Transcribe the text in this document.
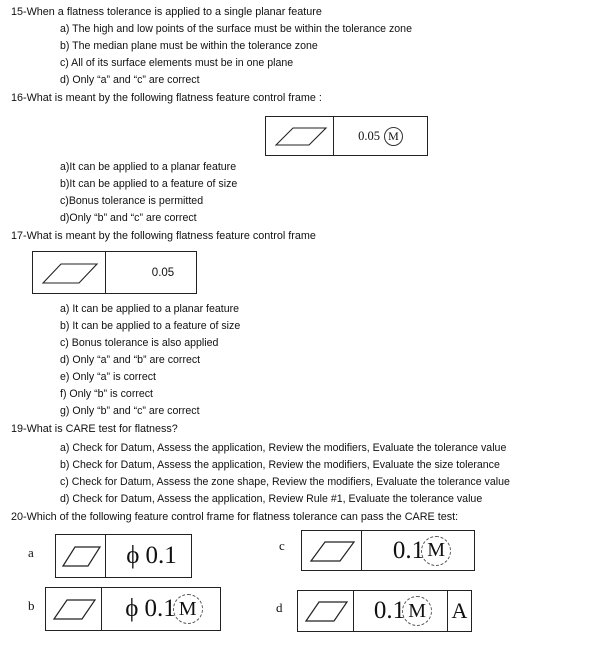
15-When a flatness tolerance is applied to a single planar feature
a) The high and low points of the surface must be within the tolerance zone
b) The median plane must be within the tolerance zone
c) All of its surface elements must be in one plane
d) Only “a” and “c” are correct
16-What is meant by the following flatness feature control frame :
0.05 M
a)It can be applied to a planar feature
b)It can be applied to a feature of size
c)Bonus tolerance is permitted
d)Only “b” and “c” are correct
17-What is meant by the following flatness feature control frame
0.05
a) It can be applied to a planar feature
b) It can be applied to a feature of size
c) Bonus tolerance is also applied
d) Only “a” and “b” are correct
e) Only “a” is correct
f) Only “b” is correct
g) Only “b” and “c” are correct
19-What is CARE test for flatness?
a) Check for Datum, Assess the application, Review the modifiers, Evaluate the tolerance value
b) Check for Datum, Assess the application, Review the modifiers, Evaluate the size tolerance
c) Check for Datum, Assess the zone shape, Review the modifiers, Evaluate the tolerance value
d) Check for Datum, Assess the application, Review Rule #1, Evaluate the tolerance value
20-Which of the following feature control frame for flatness tolerance can pass the CARE test:
a	ϕ 0.1
b	ϕ 0.1 M
c	0.1 M
d	0.1 M A
